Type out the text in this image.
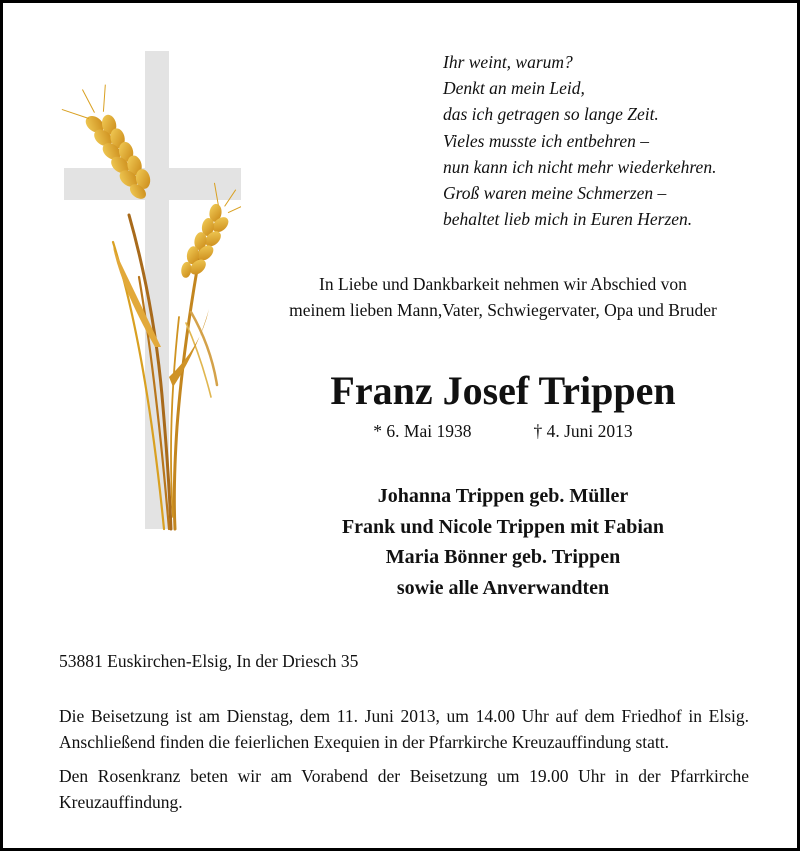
Ihr weint, warum?
Denkt an mein Leid,
das ich getragen so lange Zeit.
Vieles musste ich entbehren –
nun kann ich nicht mehr wiederkehren.
Groß waren meine Schmerzen –
behaltet lieb mich in Euren Herzen.
In Liebe und Dankbarkeit nehmen wir Abschied von
meinem lieben Mann,Vater, Schwiegervater, Opa und Bruder
Franz Josef Trippen
* 6. Mai 1938	† 4. Juni 2013
Johanna Trippen geb. Müller
Frank und Nicole Trippen mit Fabian
Maria Bönner geb. Trippen
sowie alle Anverwandten
53881 Euskirchen-Elsig, In der Driesch 35
Die Beisetzung ist am Dienstag, dem 11. Juni 2013, um 14.00 Uhr auf dem Friedhof in Elsig. Anschließend finden die feierlichen Exequien in der Pfarrkirche Kreuzauffindung statt.
Den Rosenkranz beten wir am Vorabend der Beisetzung um 19.00 Uhr in der Pfarrkirche Kreuzauffindung.
